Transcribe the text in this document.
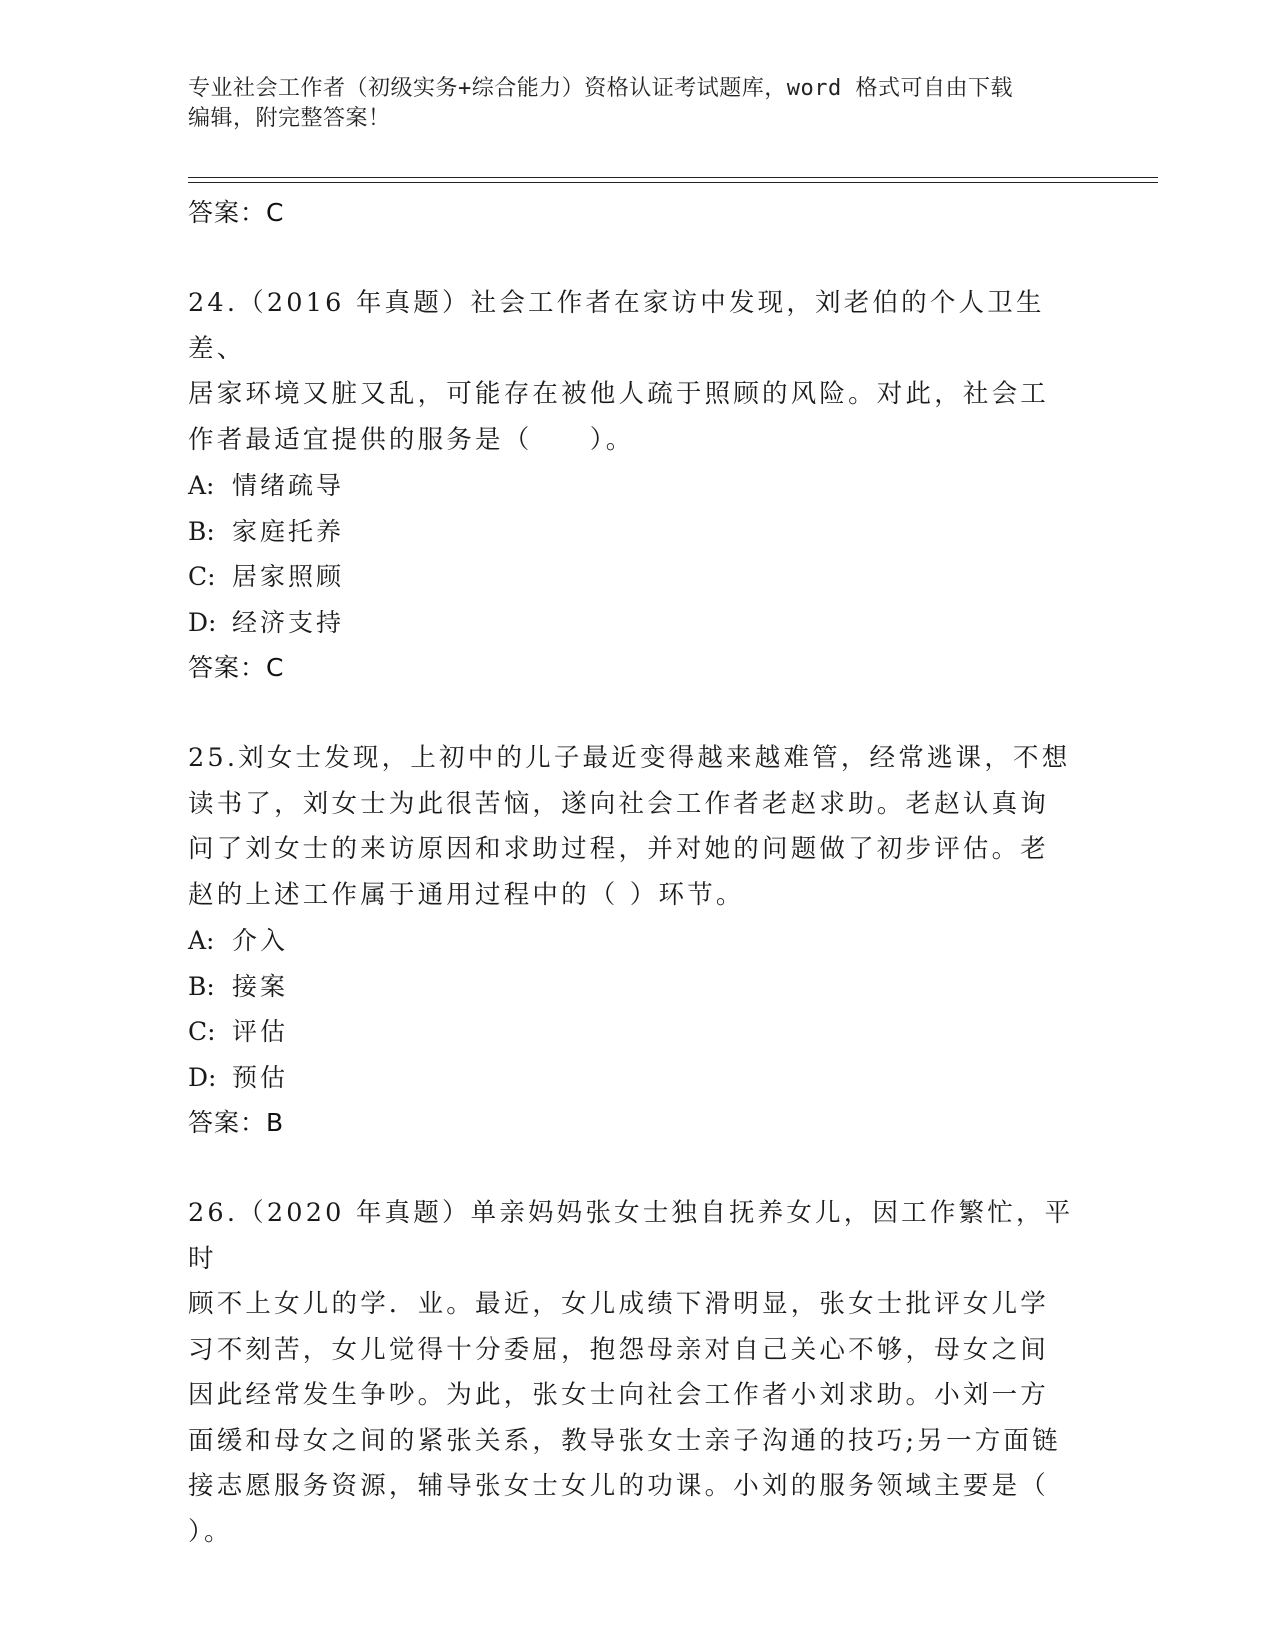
专业社会工作者（初级实务+综合能力）资格认证考试题库，word 格式可自由下载
编辑，附完整答案！
答案：C
24.（2016 年真题）社会工作者在家访中发现，刘老伯的个人卫生差、
居家环境又脏又乱，可能存在被他人疏于照顾的风险。对此，社会工
作者最适宜提供的服务是（　　）。
A: 情绪疏导
B: 家庭托养
C: 居家照顾
D: 经济支持
答案：C
25.刘女士发现，上初中的儿子最近变得越来越难管，经常逃课，不想
读书了，刘女士为此很苦恼，遂向社会工作者老赵求助。老赵认真询
问了刘女士的来访原因和求助过程，并对她的问题做了初步评估。老
赵的上述工作属于通用过程中的（ ）环节。
A: 介入
B: 接案
C: 评估
D: 预估
答案：B
26.（2020 年真题）单亲妈妈张女士独自抚养女儿，因工作繁忙，平时
顾不上女儿的学．业。最近，女儿成绩下滑明显，张女士批评女儿学
习不刻苦，女儿觉得十分委屈，抱怨母亲对自己关心不够，母女之间
因此经常发生争吵。为此，张女士向社会工作者小刘求助。小刘一方
面缓和母女之间的紧张关系，教导张女士亲子沟通的技巧;另一方面链
接志愿服务资源，辅导张女士女儿的功课。小刘的服务领域主要是（
）。
